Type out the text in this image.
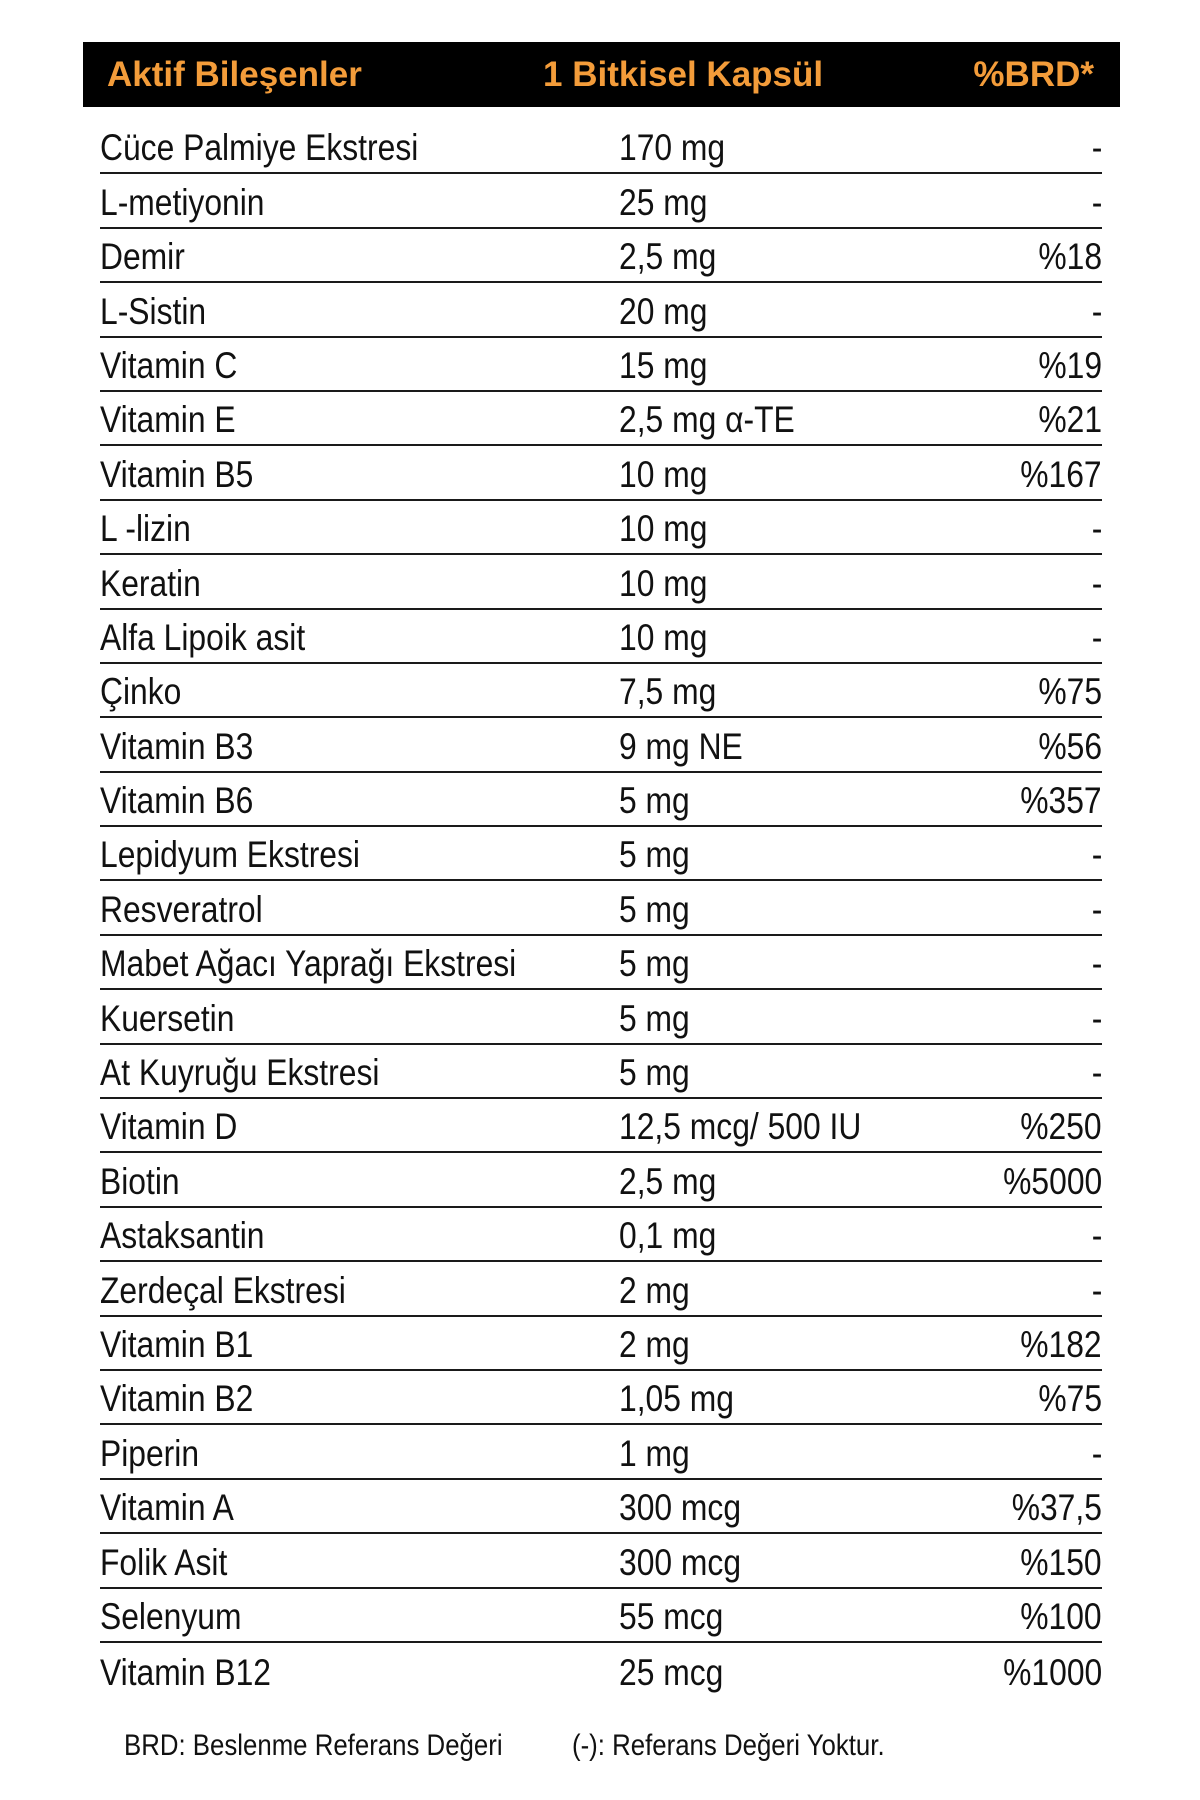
Aktif Bileşenler	1 Bitkisel Kapsül	%BRD*
Cüce Palmiye Ekstresi	170 mg	-
L-metiyonin	25 mg	-
Demir	2,5 mg	%18
L-Sistin	20 mg	-
Vitamin C	15 mg	%19
Vitamin E	2,5 mg α-TE	%21
Vitamin B5	10 mg	%167
L -lizin	10 mg	-
Keratin	10 mg	-
Alfa Lipoik asit	10 mg	-
Çinko	7,5 mg	%75
Vitamin B3	9 mg NE	%56
Vitamin B6	5 mg	%357
Lepidyum Ekstresi	5 mg	-
Resveratrol	5 mg	-
Mabet Ağacı Yaprağı Ekstresi	5 mg	-
Kuersetin	5 mg	-
At Kuyruğu Ekstresi	5 mg	-
Vitamin D	12,5 mcg/ 500 IU	%250
Biotin	2,5 mg	%5000
Astaksantin	0,1 mg	-
Zerdeçal Ekstresi	2 mg	-
Vitamin B1	2 mg	%182
Vitamin B2	1,05 mg	%75
Piperin	1 mg	-
Vitamin A	300 mcg	%37,5
Folik Asit	300 mcg	%150
Selenyum	55 mcg	%100
Vitamin B12	25 mcg	%1000
BRD: Beslenme Referans Değeri (-): Referans Değeri Yoktur.
